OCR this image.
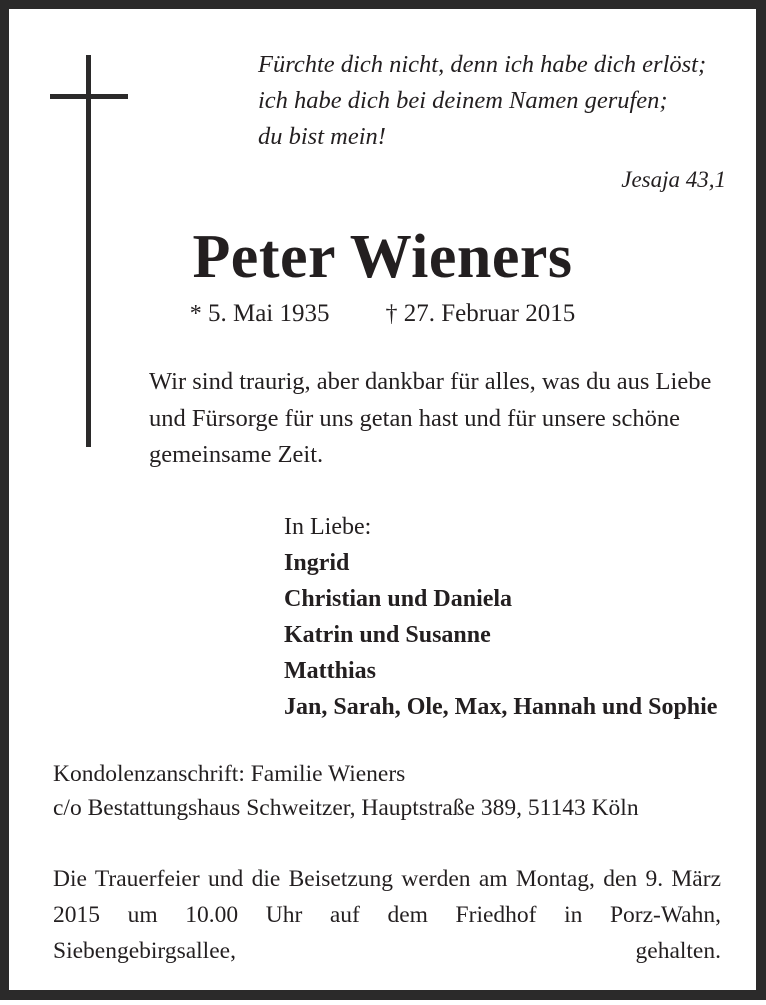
Fürchte dich nicht, denn ich habe dich erlöst;
ich habe dich bei deinem Namen gerufen;
du bist mein!
Jesaja 43,1
Peter Wieners
* 5. Mai 1935 † 27. Februar 2015
Wir sind traurig, aber dankbar für alles, was du aus Liebe und Fürsorge für uns getan hast und für unsere schöne gemeinsame Zeit.
In Liebe:
Ingrid
Christian und Daniela
Katrin und Susanne
Matthias
Jan, Sarah, Ole, Max, Hannah und Sophie
Kondolenzanschrift: Familie Wieners
c/o Bestattungshaus Schweitzer, Hauptstraße 389, 51143 Köln
Die Trauerfeier und die Beisetzung werden am Montag, den 9. März 2015 um 10.00 Uhr auf dem Friedhof in Porz-Wahn, Siebengebirgsallee, gehalten.
